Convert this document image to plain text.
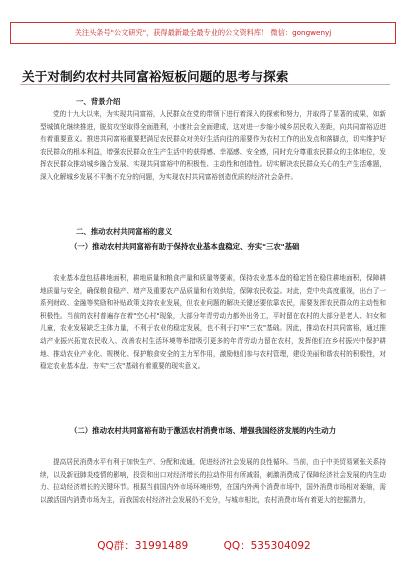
关注头条号"公文研究"，获得最新最全最专业的公文资料库！ 微信：gongwenyj
关于对制约农村共同富裕短板问题的思考与探索
一、背景介绍

党的十九大以来，为实现共同富裕，人民群众在党的带领下进行着深入的探索和努力，并取得了显著的成果，如新型城镇化继续推进，脱贫攻坚取得全面胜利，小康社会全面建成，这对进一步缩小城乡居民收入差距，向共同富裕迈进有着重要意义。推进共同富裕重要把满足农民群众对美好生活向往的需要作为农村工作的出发点和落脚点，切实维护好农民群众的根本利益，增强农民群众在生产生活中的获得感、幸福感、安全感，同时充分尊重农民群众的主体地位，发挥农民群众推动城乡融合发展、实现共同富裕中的积极性、主动性和创造性。切实解决农民群众关心的生产生活难题，深入化解城乡发展不平衡不充分的问题，为实现农村共同富裕创造优质的经济社会条件。

二、推动农村共同富裕的意义
（一）推动农村共同富裕有助于保持农业基本盘稳定、夯实"三农"基础

农业基本盘包括耕地面积，耕地质量和粮食产量和质量等要素，保持农业基本盘的稳定旨在稳住耕地面积，保障耕地质量与安全，确保粮食稳产、增产及重要农产品质量和有效供给，保障农民收益。对此，党中央高度重视，出台了一系列财政、金融等奖励和补贴政策支持农业发展，但农业问题的解决关键还要依靠农民，需要发挥农民群众的主动性和积极性。当前的农村普遍存在着"空心村"现象，大部分年青劳动力都外出务工，平时留在农村的大部分是老人、妇女和儿童，农业发展缺乏主体力量，不利于农业的稳定发展，也不利于打牢"三农"基础。因此，推动农村共同富裕，通过推动产业振兴拓宽农民收入、改善农村生活环境等举措吸引更多的年青劳动力留在农村，发挥他们在乡村振兴中保护耕地、推动农业产业化、规模化、保护粮食安全的主力军作用，激励他们参与农村管理，建设美丽和谐农村的积极性，对稳定农业基本盘、夯实"三农"基础有着重要的现实意义。

（二）推动农村共同富裕有助于激活农村消费市场、增强我国经济发展的内生动力

提高居民消费水平有利于加快生产、分配和流通，促进经济社会发展的良性循环。当前，由于中美贸易紧张关系持续，以及新冠肺炎疫情的影响，投资和出口对经济增长的拉动作用有所减弱，刺激消费成了保障经济社会发展的内生动力、拉动经济增长的关键环节。根据当前国内外市场环境形势，在国内外两个消费市场中，国外消费市场相对萎缩，需以激活国内消费市场为主，而我国农村经济社会发展仍不充分，与城市相比，农村消费市场有着更大的挖掘潜力，

QQ群：31991489	QQ：535304092
